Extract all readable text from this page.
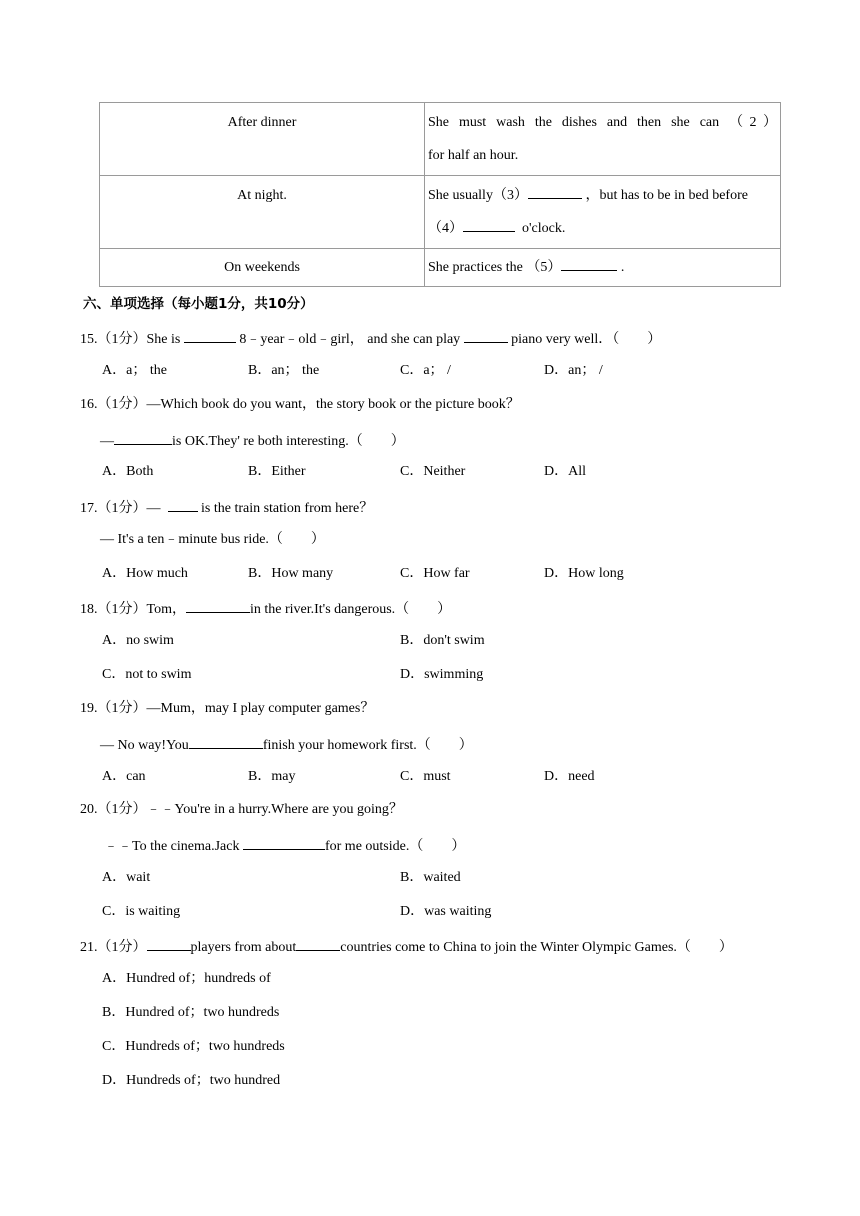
After dinner	She must wash the dishes and then she can （2）
for half an hour.

At night.	She usually（3） ，but has to be in bed before
（4） o'clock.

On weekends	She practices the （5） .
六、单项选择（每小题1分，共10分）
15.（1分）She is	8﹣year﹣old﹣girl， and she can play	piano very well．（　　）
A．a； the	B．an； the	C．a； /	D．an； /
16.（1分）—Which book do you want，the story book or the picture book？
—	is OK.They' re both interesting.（　　）
A．Both	B．Either	C．Neither	D．All
17.（1分）—	is the train station from here？
— It's a ten﹣minute bus ride.（　　）
A．How much	B．How many	C．How far	D．How long
18.（1分）Tom，	in the river.It's dangerous.（　　）
A．no swim	B．don't swim
C．not to swim	D．swimming
19.（1分）—Mum，may I play computer games？
— No way!You	finish your homework first.（　　）
A．can	B．may	C．must	D．need
20.（1分）﹣﹣You're in a hurry.Where are you going？
﹣﹣To the cinema.Jack	for me outside.（　　）
A．wait	B．waited
C．is waiting	D．was waiting
21.（1分）	players from about	countries come to China to join the Winter Olympic Games.（　　）
A．Hundred of；hundreds of
B．Hundred of；two hundreds
C．Hundreds of；two hundreds
D．Hundreds of；two hundred
